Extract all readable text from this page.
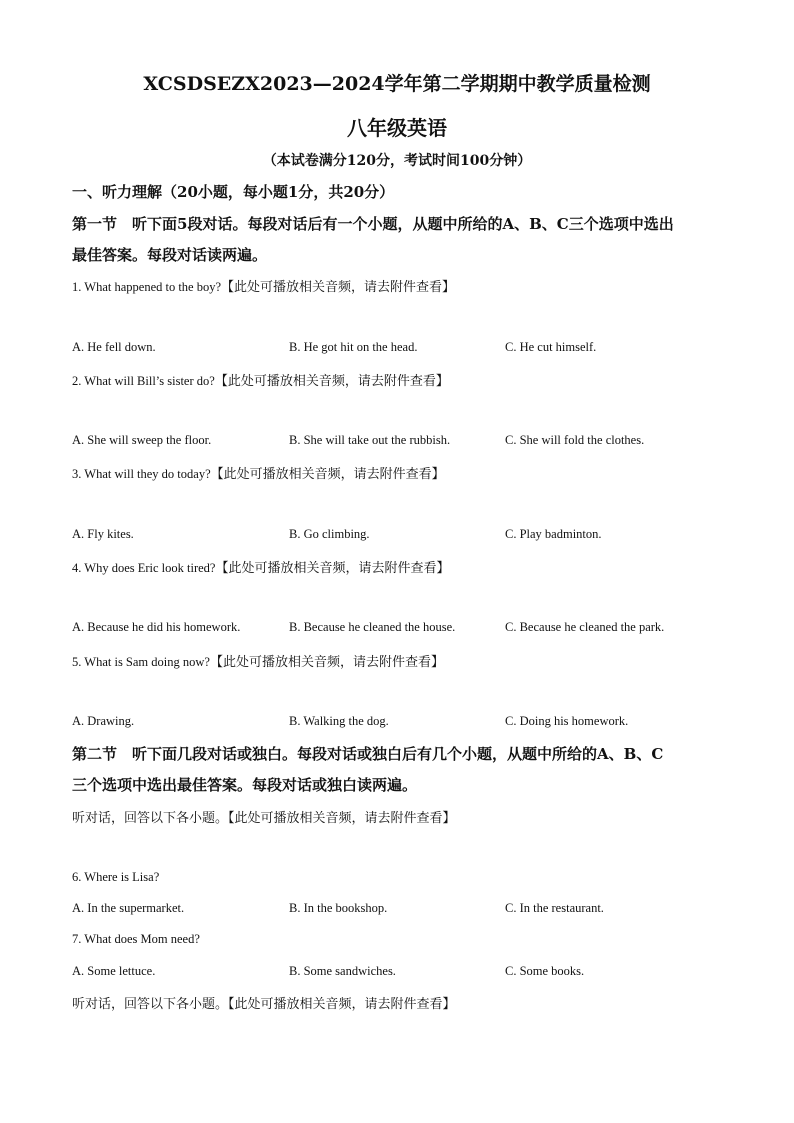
XCSDSEZX2023—2024学年第二学期期中教学质量检测
八年级英语
（本试卷满分120分，考试时间100分钟）
一、听力理解（20小题，每小题1分，共20分）
第一节　听下面5段对话。每段对话后有一个小题，从题中所给的A、B、C三个选项中选出
最佳答案。每段对话读两遍。
1. What happened to the boy?【此处可播放相关音频，请去附件查看】
A. He fell down.	B. He got hit on the head.	C. He cut himself.
2. What will Bill’s sister do?【此处可播放相关音频，请去附件查看】
A. She will sweep the floor.	B. She will take out the rubbish.	C. She will fold the clothes.
3. What will they do today?【此处可播放相关音频，请去附件查看】
A. Fly kites.	B. Go climbing.	C. Play badminton.
4. Why does Eric look tired?【此处可播放相关音频，请去附件查看】
A. Because he did his homework.	B. Because he cleaned the house.	C. Because he cleaned the park.
5. What is Sam doing now?【此处可播放相关音频，请去附件查看】
A. Drawing.	B. Walking the dog.	C. Doing his homework.
第二节　听下面几段对话或独白。每段对话或独白后有几个小题，从题中所给的A、B、C
三个选项中选出最佳答案。每段对话或独白读两遍。
听对话，回答以下各小题。【此处可播放相关音频，请去附件查看】
6. Where is Lisa?
A. In the supermarket.	B. In the bookshop.	C. In the restaurant.
7. What does Mom need?
A. Some lettuce.	B. Some sandwiches.	C. Some books.
听对话，回答以下各小题。【此处可播放相关音频，请去附件查看】
